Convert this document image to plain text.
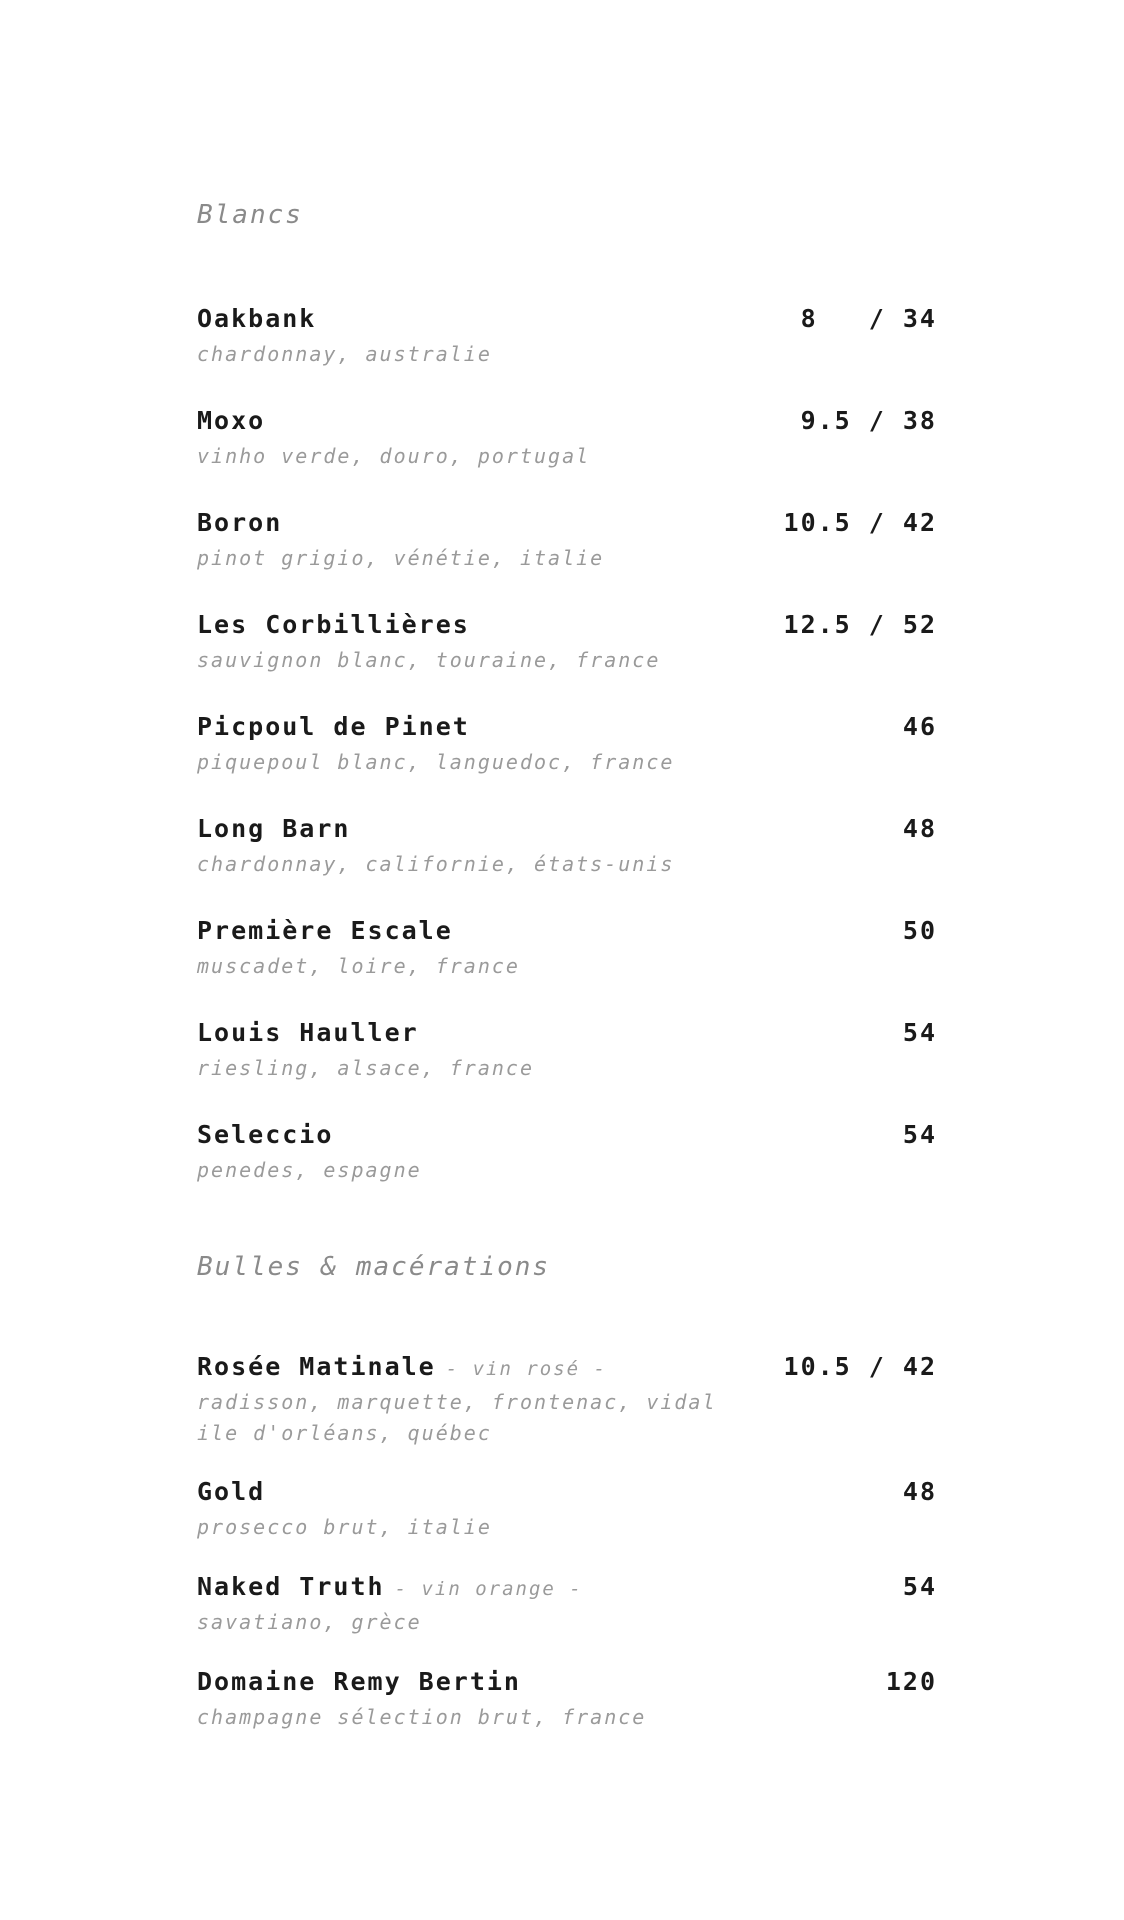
Blancs
Oakbank	8   / 34
chardonnay, australie
Moxo	9.5 / 38
vinho verde, douro, portugal
Boron	10.5 / 42
pinot grigio, vénétie, italie
Les Corbillières	12.5 / 52
sauvignon blanc, touraine, france
Picpoul de Pinet	46
piquepoul blanc, languedoc, france
Long Barn	48
chardonnay, californie, états-unis
Première Escale	50
muscadet, loire, france
Louis Hauller	54
riesling, alsace, france
Seleccio	54
penedes, espagne
Bulles & macérations
Rosée Matinale - vin rosé -	10.5 / 42
radisson, marquette, frontenac, vidal
ile d'orléans, québec
Gold	48
prosecco brut, italie
Naked Truth - vin orange -	54
savatiano, grèce
Domaine Remy Bertin	120
champagne sélection brut, france
